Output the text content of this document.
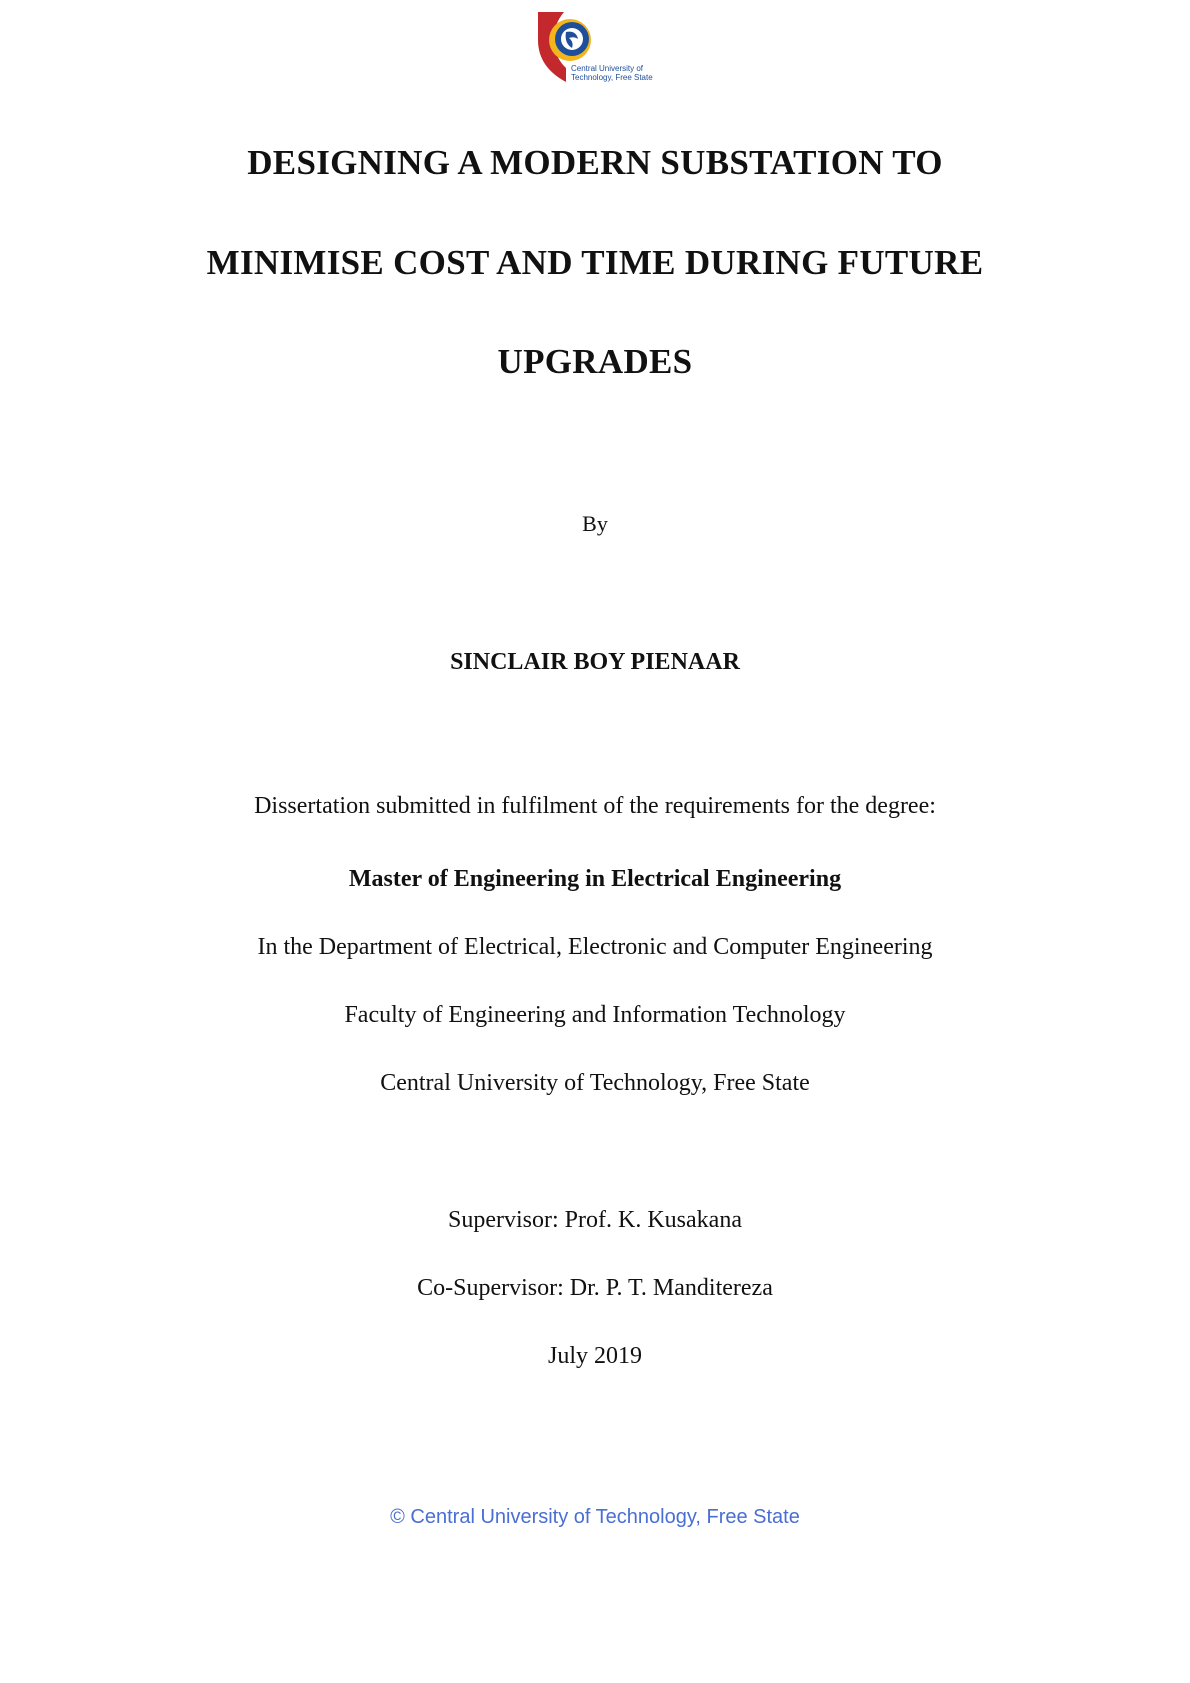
Central University of
Technology, Free State
DESIGNING A MODERN SUBSTATION TO
MINIMISE COST AND TIME DURING FUTURE
UPGRADES
By
SINCLAIR BOY PIENAAR
Dissertation submitted in fulfilment of the requirements for the degree:
Master of Engineering in Electrical Engineering
In the Department of Electrical, Electronic and Computer Engineering
Faculty of Engineering and Information Technology
Central University of Technology, Free State
Supervisor: Prof. K. Kusakana
Co-Supervisor: Dr. P. T. Manditereza
July 2019
© Central University of Technology, Free State
